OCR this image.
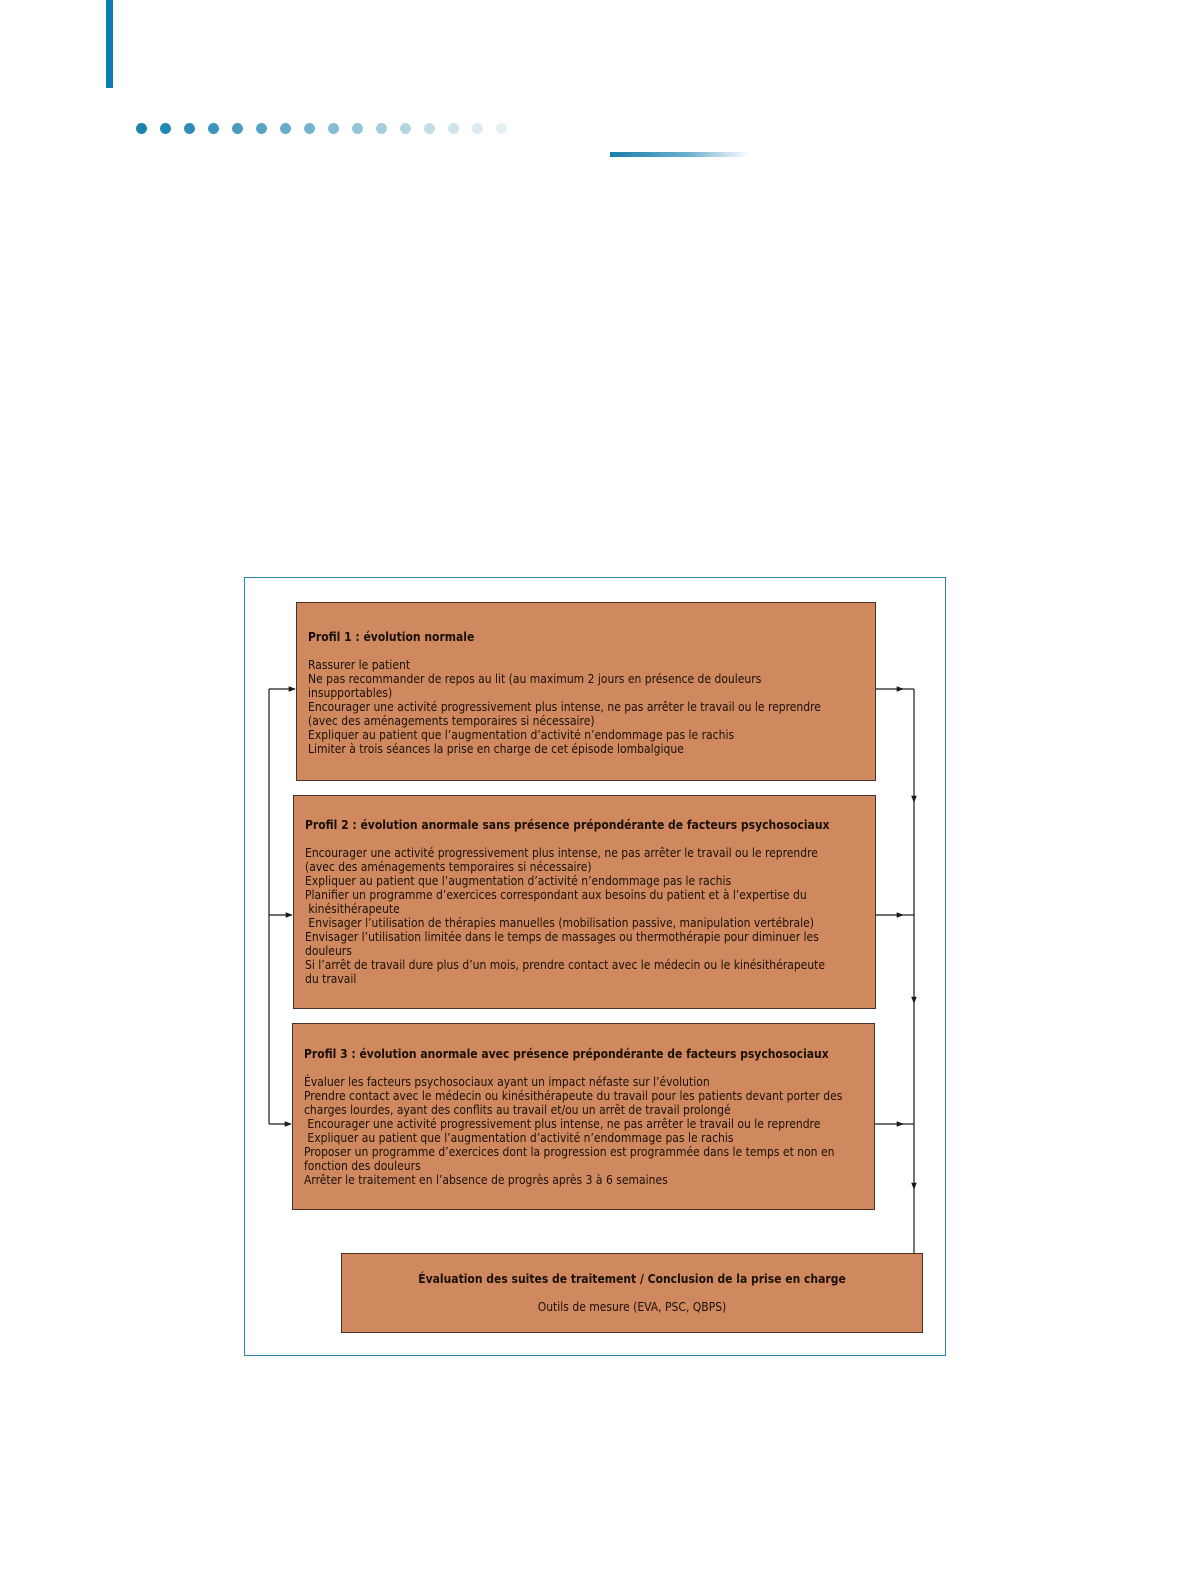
Profil 1 : évolution normale
Rassurer le patient
Ne pas recommander de repos au lit (au maximum 2 jours en présence de douleurs
insupportables)
Encourager une activité progressivement plus intense, ne pas arrêter le travail ou le reprendre
(avec des aménagements temporaires si nécessaire)
Expliquer au patient que l’augmentation d’activité n’endommage pas le rachis
Limiter à trois séances la prise en charge de cet épisode lombalgique
Profil 2 : évolution anormale sans présence prépondérante de facteurs psychosociaux
Encourager une activité progressivement plus intense, ne pas arrêter le travail ou le reprendre
(avec des aménagements temporaires si nécessaire)
Expliquer au patient que l’augmentation d’activité n’endommage pas le rachis
Planifier un programme d’exercices correspondant aux besoins du patient et à l’expertise du
kinésithérapeute
Envisager l’utilisation de thérapies manuelles (mobilisation passive, manipulation vertébrale)
Envisager l’utilisation limitée dans le temps de massages ou thermothérapie pour diminuer les
douleurs
Si l’arrêt de travail dure plus d’un mois, prendre contact avec le médecin ou le kinésithérapeute
du travail
Profil 3 : évolution anormale avec présence prépondérante de facteurs psychosociaux
Évaluer les facteurs psychosociaux ayant un impact néfaste sur l’évolution
Prendre contact avec le médecin ou kinésithérapeute du travail pour les patients devant porter des
charges lourdes, ayant des conflits au travail et/ou un arrêt de travail prolongé
Encourager une activité progressivement plus intense, ne pas arrêter le travail ou le reprendre
Expliquer au patient que l’augmentation d’activité n’endommage pas le rachis
Proposer un programme d’exercices dont la progression est programmée dans le temps et non en
fonction des douleurs
Arrêter le traitement en l’absence de progrès après 3 à 6 semaines
Évaluation des suites de traitement / Conclusion de la prise en charge
Outils de mesure (EVA, PSC, QBPS)
